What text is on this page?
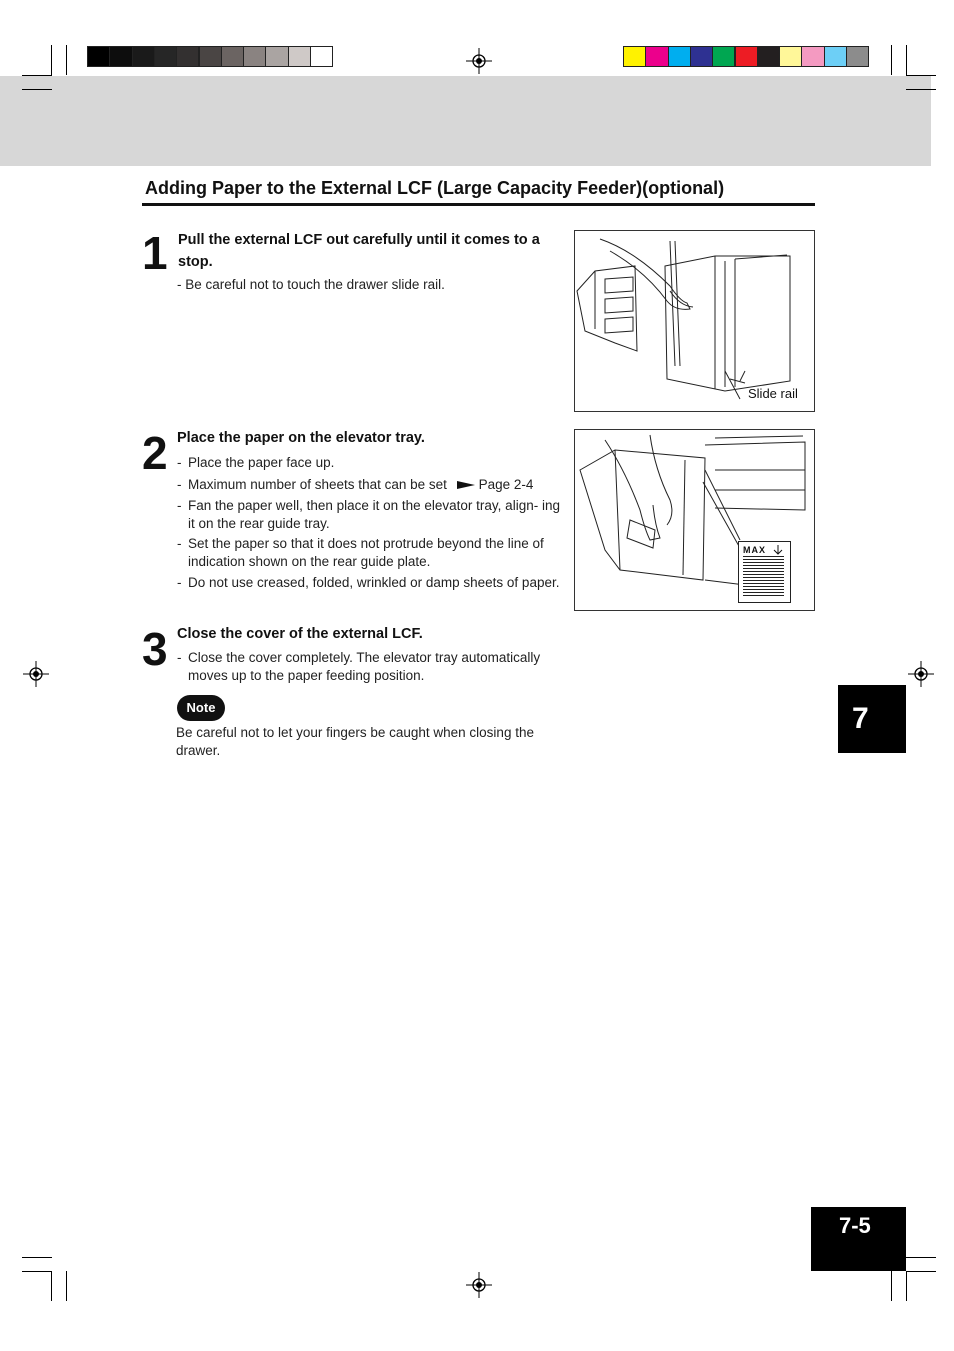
Adding Paper to the External LCF (Large Capacity Feeder)(optional)
1 Pull the external LCF out carefully until it comes to a stop.
- Be careful not to touch the drawer slide rail.
Slide rail
2 Place the paper on the elevator tray.
- Place the paper face up.
- Maximum number of sheets that can be set Page 2-4
- Fan the paper well, then place it on the elevator tray, align- ing it on the rear guide tray.
- Set the paper so that it does not protrude beyond the line of indication shown on the rear guide plate.
- Do not use creased, folded, wrinkled or damp sheets of paper.
MAX
3 Close the cover of the external LCF.
- Close the cover completely. The elevator tray automatically moves up to the paper feeding position.
Note
Be careful not to let your fingers be caught when closing the drawer.
7
7-5
